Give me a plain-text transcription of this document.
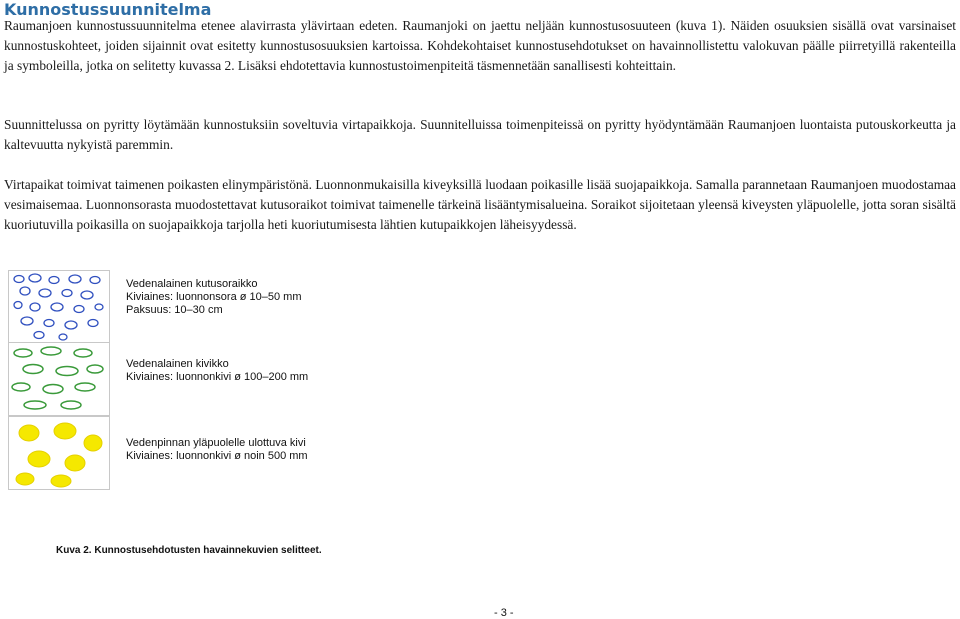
Kunnostussuunnitelma

Raumanjoen kunnostussuunnitelma etenee alavirrasta ylävirtaan edeten. Raumanjoki on jaettu neljään kunnostusosuuteen (kuva 1). Näiden osuuksien sisällä ovat varsinaiset kunnostuskohteet, joiden sijainnit ovat esitetty kunnostusosuuksien kartoissa. Kohdekohtaiset kunnostusehdotukset on havainnollistettu valokuvan päälle piirretyillä rakenteilla ja symboleilla, jotka on selitetty kuvassa 2. Lisäksi ehdotettavia kunnostustoimenpiteitä täsmennetään sanallisesti kohteittain.

Suunnittelussa on pyritty löytämään kunnostuksiin soveltuvia virtapaikkoja. Suunnitelluissa toimenpiteissä on pyritty hyödyntämään Raumanjoen luontaista putouskorkeutta ja kaltevuutta nykyistä paremmin.

Virtapaikat toimivat taimenen poikasten elinympäristönä. Luonnonmukaisilla kiveyksillä luodaan poikasille lisää suojapaikkoja. Samalla parannetaan Raumanjoen muodostamaa vesimaisemaa. Luonnonsorasta muodostettavat kutusoraikot toimivat taimenelle tärkeinä lisääntymisalueina. Soraikot sijoitetaan yleensä kiveysten yläpuolelle, jotta soran sisältä kuoriutuvilla poikasilla on suojapaikkoja tarjolla heti kuoriutumisesta lähtien kutupaikkojen läheisyydessä.

Vedenalainen kutusoraikko
Kiviaines: luonnonsora ø 10–50 mm
Paksuus: 10–30 cm
Vedenalainen kivikko
Kiviaines: luonnonkivi ø 100–200 mm
Vedenpinnan yläpuolelle ulottuva kivi
Kiviaines: luonnonkivi ø noin 500 mm
Kuva 2. Kunnostusehdotusten havainnekuvien selitteet.
- 3 -
